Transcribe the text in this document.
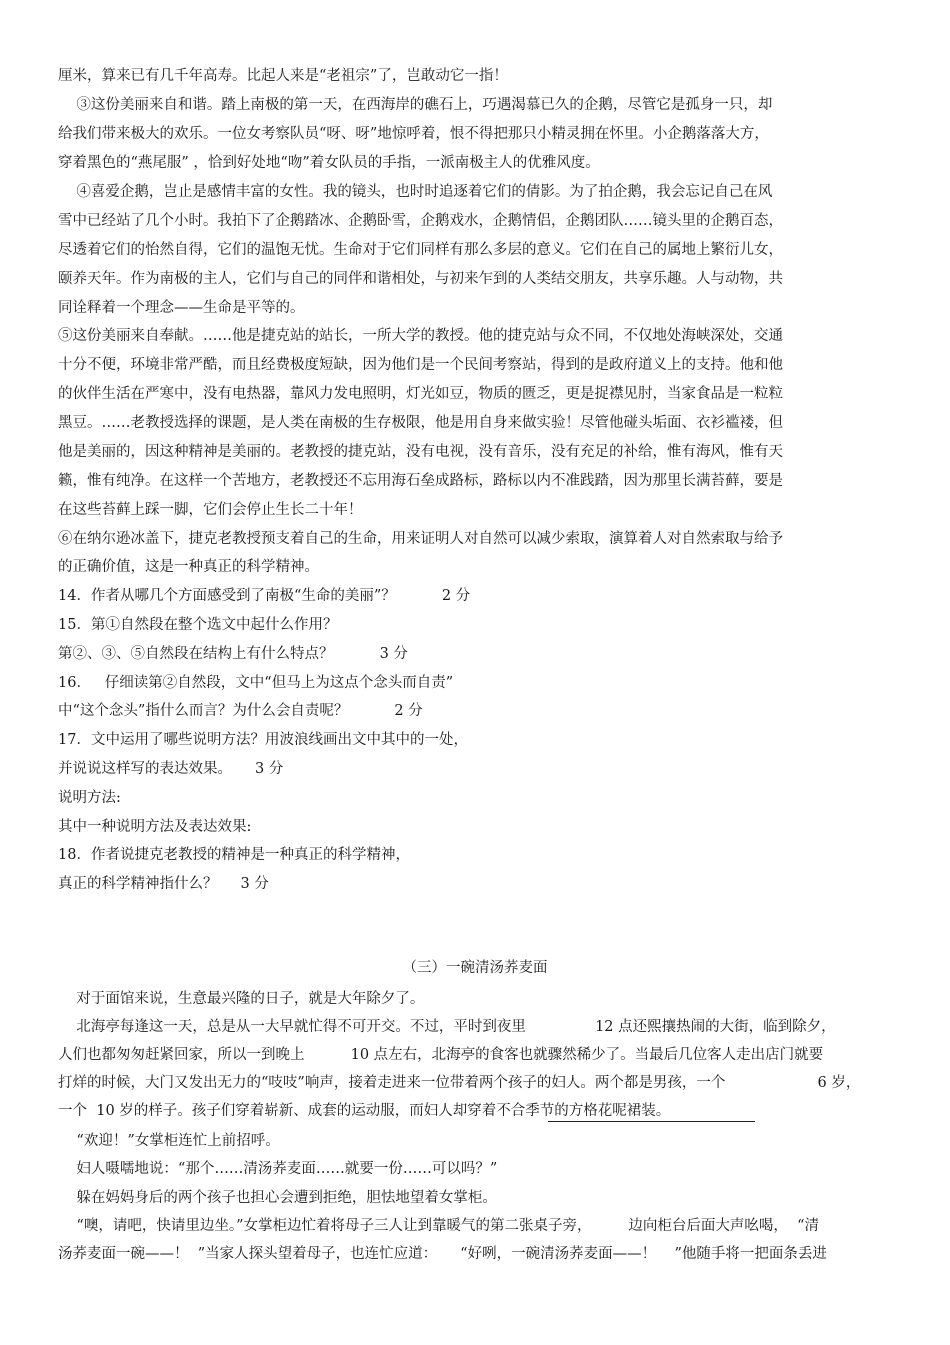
厘米，算来已有几千年高寿。比起人来是“老祖宗”了，岂敢动它一指！
③这份美丽来自和谐。踏上南极的第一天，在西海岸的礁石上，巧遇渴慕已久的企鹅，尽管它是孤身一只，却
给我们带来极大的欢乐。一位女考察队员“呀、呀”地惊呼着，恨不得把那只小精灵拥在怀里。小企鹅落落大方，
穿着黑色的“燕尾服” ，恰到好处地“吻”着女队员的手指，一派南极主人的优雅风度。
④喜爱企鹅，岂止是感情丰富的女性。我的镜头，也时时追逐着它们的倩影。为了拍企鹅，我会忘记自己在风
雪中已经站了几个小时。我拍下了企鹅踏冰、企鹅卧雪，企鹅戏水，企鹅情侣，企鹅团队……镜头里的企鹅百态，
尽透着它们的怡然自得，它们的温饱无忧。生命对于它们同样有那么多层的意义。它们在自己的属地上繁衍儿女，
颐养天年。作为南极的主人，它们与自己的同伴和谐相处，与初来乍到的人类结交朋友，共享乐趣。人与动物，共
同诠释着一个理念——生命是平等的。
⑤这份美丽来自奉献。……他是捷克站的站长，一所大学的教授。他的捷克站与众不同，不仅地处海峡深处，交通
十分不便，环境非常严酷，而且经费极度短缺，因为他们是一个民间考察站，得到的是政府道义上的支持。他和他
的伙伴生活在严寒中，没有电热器，靠风力发电照明，灯光如豆，物质的匮乏，更是捉襟见肘，当家食品是一粒粒
黑豆。……老教授选择的课题，是人类在南极的生存极限，他是用自身来做实验！尽管他碰头垢面、衣衫褴褛，但
他是美丽的，因这种精神是美丽的。老教授的捷克站，没有电视，没有音乐，没有充足的补给，惟有海风，惟有天
籁，惟有纯净。在这样一个苦地方，老教授还不忘用海石垒成路标，路标以内不准践踏，因为那里长满苔藓，要是
在这些苔藓上踩一脚，它们会停止生长二十年！
⑥在纳尔逊冰盖下，捷克老教授预支着自己的生命，用来证明人对自然可以减少索取，演算着人对自然索取与给予
的正确价值，这是一种真正的科学精神。
14．作者从哪几个方面感受到了南极“生命的美丽”？          2 分
15．第①自然段在整个选文中起什么作用？
第②、③、⑤自然段在结构上有什么特点？          3 分
16．   仔细读第②自然段，文中“但马上为这点个念头而自责”
中“这个念头”指什么而言？为什么会自责呢？          2 分
17．文中运用了哪些说明方法？用波浪线画出文中其中的一处，
并说说这样写的表达效果。     3 分
说明方法:
其中一种说明方法及表达效果:
18．作者说捷克老教授的精神是一种真正的科学精神，
真正的科学精神指什么？     3 分
（三）一碗清汤荞麦面
对于面馆来说，生意最兴隆的日子，就是大年除夕了。
北海亭每逢这一天，总是从一大早就忙得不可开交。不过，平时到夜里               12 点还熙攘热闹的大街，临到除夕，
人们也都匆匆赶紧回家，所以一到晚上          10 点左右，北海亭的食客也就骤然稀少了。当最后几位客人走出店门就要
打烊的时候，大门又发出无力的“吱吱”响声，接着走进来一位带着两个孩子的妇人。两个都是男孩，一个                    6 岁，
一个  10 岁的样子。孩子们穿着崭新、成套的运动服，而妇人却穿着不合季节的方格花呢裙装。
“欢迎！”女掌柜连忙上前招呼。
妇人嗫嚅地说：“那个……清汤荞麦面……就要一份……可以吗？”
躲在妈妈身后的两个孩子也担心会遭到拒绝，胆怯地望着女掌柜。
“噢，请吧，快请里边坐。”女掌柜边忙着将母子三人让到靠暖气的第二张桌子旁，        边向柜台后面大声吆喝，  “清
汤荞麦面一碗——！  ”当家人探头望着母子，也连忙应道：     “好咧，一碗清汤荞麦面——！    ”他随手将一把面条丢进
